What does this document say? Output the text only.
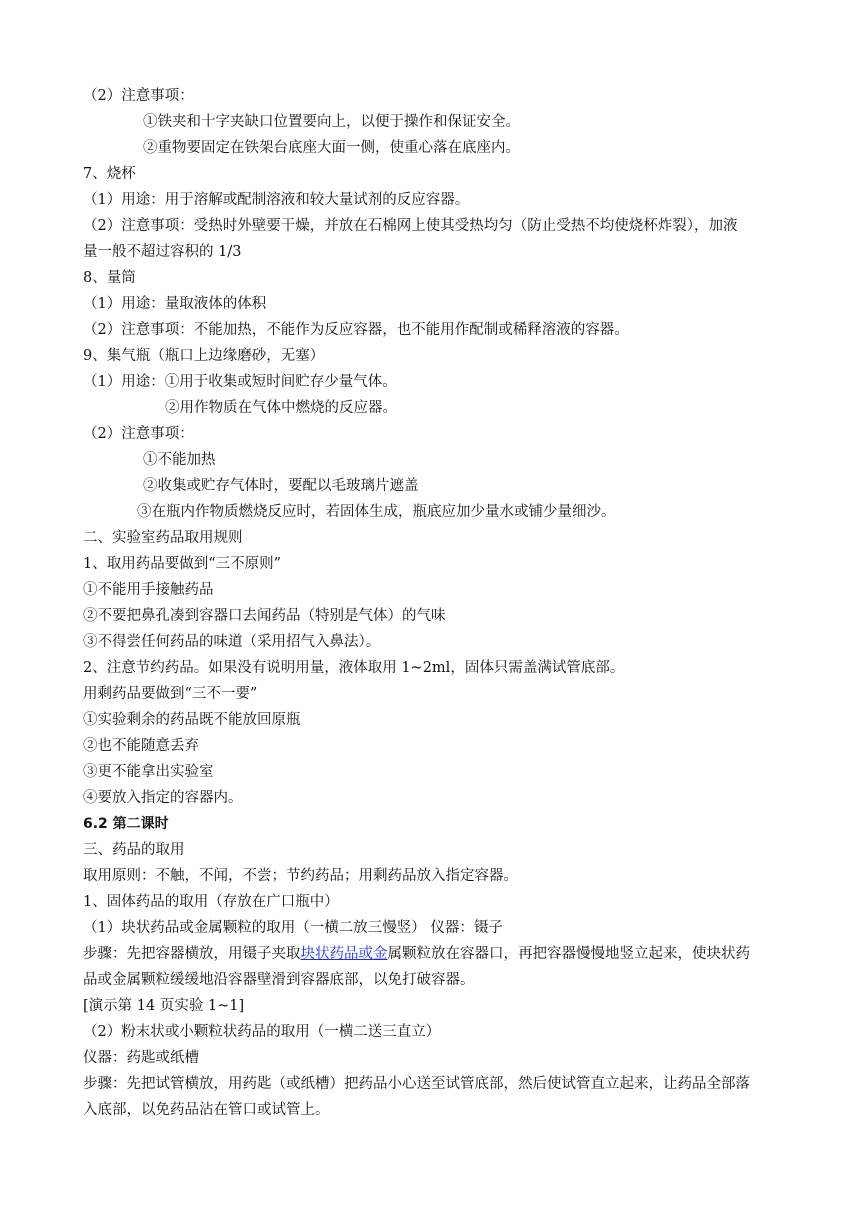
（2）注意事项：
①铁夹和十字夹缺口位置要向上，以便于操作和保证安全。
②重物要固定在铁架台底座大面一侧，使重心落在底座内。
7、烧杯
（1）用途：用于溶解或配制溶液和较大量试剂的反应容器。
（2）注意事项：受热时外壁要干燥，并放在石棉网上使其受热均匀（防止受热不均使烧杯炸裂），加液
量一般不超过容积的 1/3
8、量筒
（1）用途：量取液体的体积
（2）注意事项：不能加热，不能作为反应容器，也不能用作配制或稀释溶液的容器。
9、集气瓶（瓶口上边缘磨砂，无塞）
（1）用途：①用于收集或短时间贮存少量气体。
②用作物质在气体中燃烧的反应器。
（2）注意事项：
①不能加热
②收集或贮存气体时，要配以毛玻璃片遮盖
③在瓶内作物质燃烧反应时，若固体生成，瓶底应加少量水或铺少量细沙。
二、实验室药品取用规则
1、取用药品要做到“三不原则”
①不能用手接触药品
②不要把鼻孔凑到容器口去闻药品（特别是气体）的气味
③不得尝任何药品的味道（采用招气入鼻法）。
2、注意节约药品。如果没有说明用量，液体取用 1~2ml，固体只需盖满试管底部。
用剩药品要做到“三不一要”
①实验剩余的药品既不能放回原瓶
②也不能随意丢弃
③更不能拿出实验室
④要放入指定的容器内。
6.2 第二课时
三、药品的取用
取用原则：不触，不闻，不尝；节约药品；用剩药品放入指定容器。
1、固体药品的取用（存放在广口瓶中）
（1）块状药品或金属颗粒的取用（一横二放三慢竖） 仪器：镊子
步骤：先把容器横放，用镊子夹取块状药品或金属颗粒放在容器口，再把容器慢慢地竖立起来，使块状药
品或金属颗粒缓缓地沿容器壁滑到容器底部，以免打破容器。
[演示第 14 页实验 1~1]
（2）粉末状或小颗粒状药品的取用（一横二送三直立）
仪器：药匙或纸槽
步骤：先把试管横放，用药匙（或纸槽）把药品小心送至试管底部，然后使试管直立起来，让药品全部落
入底部，以免药品沾在管口或试管上。
